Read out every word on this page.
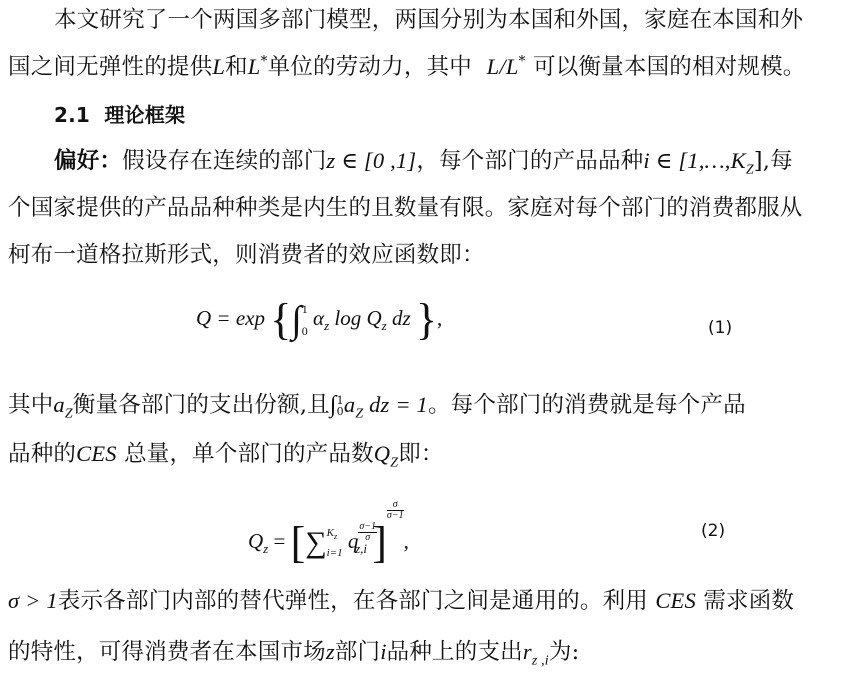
本文研究了一个两国多部门模型，两国分别为本国和外国，家庭在本国和外
国之间无弹性的提供L和L*单位的劳动力，其中 L/L* 可以衡量本国的相对规模。
2.1 理论框架
偏好：假设存在连续的部门z ∈ [0 ,1]，每个部门的产品品种i ∈ $[1,\dots,K_Z]$,每
个国家提供的产品品种种类是内生的且数量有限。家庭对每个部门的消费都服从
柯布一道格拉斯形式，则消费者的效应函数即：
Q = exp {∫ 1
0
$\alpha_z$ $\log Q_z$ dz },	(1)
其中$a_Z$衡量各部门的支出份额,且∫ 1
0 $a_Z$ dz = 1。每个部门的消费就是每个产品
品种的CES 总量，单个部门的产品数$Q_Z$即：
$Q_z$ = [∑ $K_z$
i=1
q $\frac{\sigma-1}{\sigma}$
$_{z,i}$ ]
$\frac{\sigma}{\sigma-1}$
,	(2)
σ > 1表示各部门内部的替代弹性，在各部门之间是通用的。利用 CES 需求函数
的特性，可得消费者在本国市场z部门i品种上的支出$r_{z ,i}$为:
